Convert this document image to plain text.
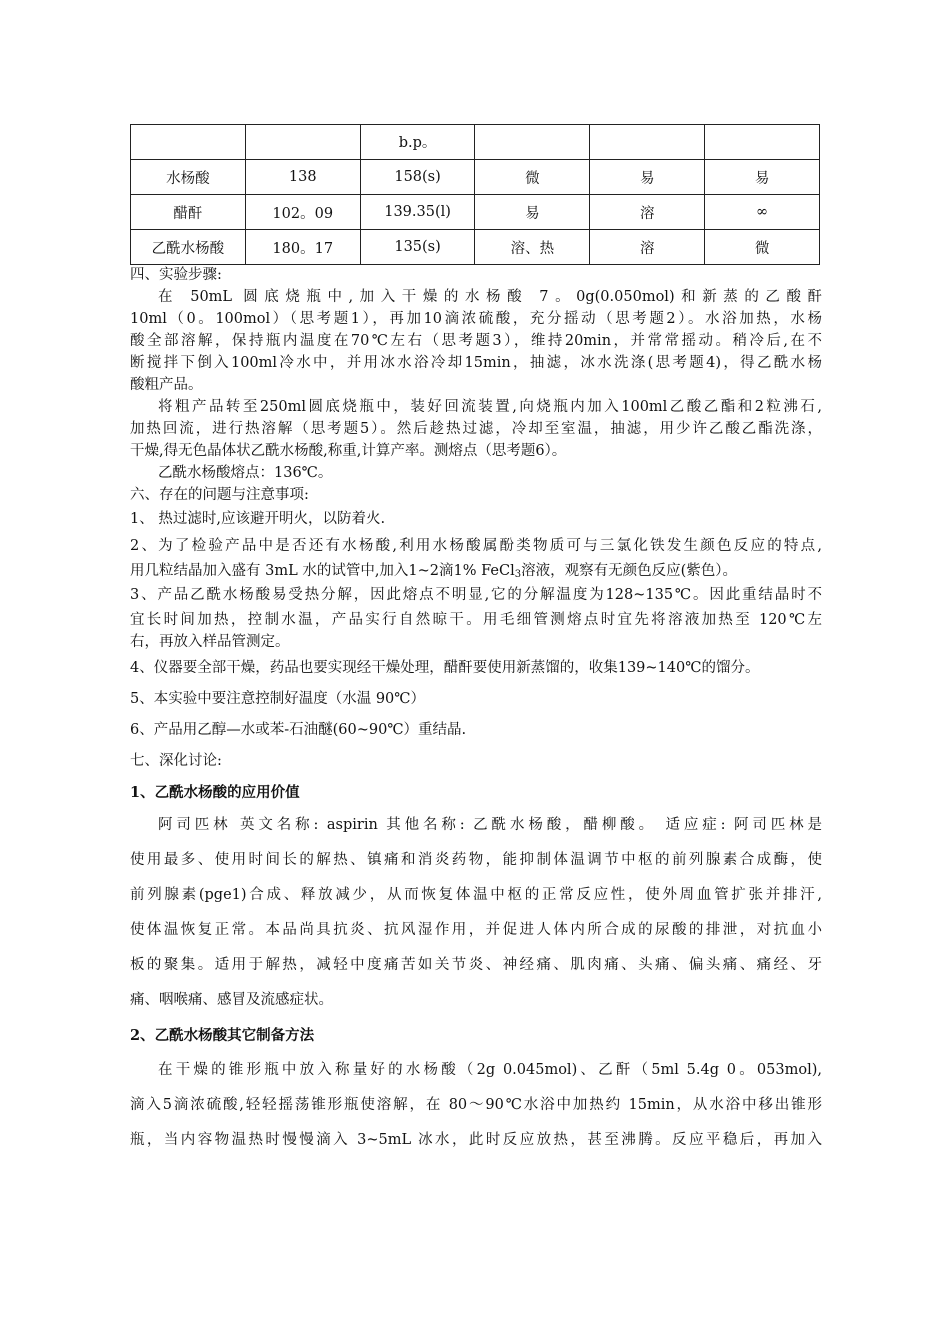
		b.p。			
水杨酸	138	158(s)	微	易	易
醋酐	102。09	139.35(l)	易	溶	∞
乙酰水杨酸	180。17	135(s)	溶、热	溶	微
四、实验步骤:
在 50mL 圆底烧瓶中,加入干燥的水杨酸 7。0g(0.050mol)和新蒸的乙酸酐
10ml（0。100mol）（思考题1），再加10滴浓硫酸，充分摇动（思考题2）。水浴加热，水杨
酸全部溶解，保持瓶内温度在70℃左右（思考题3），维持20min，并常常摇动。稍冷后,在不
断搅拌下倒入100ml冷水中，并用冰水浴冷却15min，抽滤，冰水洗涤(思考题4)，得乙酰水杨
酸粗产品。
将粗产品转至250ml圆底烧瓶中，装好回流装置,向烧瓶内加入100ml乙酸乙酯和2粒沸石,
加热回流，进行热溶解（思考题5）。然后趁热过滤，冷却至室温，抽滤，用少许乙酸乙酯洗涤，
干燥,得无色晶体状乙酰水杨酸,称重,计算产率。测熔点（思考题6）。
乙酰水杨酸熔点：136℃。
六、存在的问题与注意事项:
1、 热过滤时,应该避开明火，以防着火.
2、为了检验产品中是否还有水杨酸,利用水杨酸属酚类物质可与三氯化铁发生颜色反应的特点,
用几粒结晶加入盛有 3mL 水的试管中,加入1~2滴1% FeCl$_3$溶液，观察有无颜色反应(紫色）。
3、产品乙酰水杨酸易受热分解，因此熔点不明显,它的分解温度为128~135℃。因此重结晶时不
宜长时间加热，控制水温，产品实行自然晾干。用毛细管测熔点时宜先将溶液加热至 120℃左
右，再放入样品管测定。
4、仪器要全部干燥，药品也要实现经干燥处理，醋酐要使用新蒸馏的，收集139~140℃的馏分。
5、本实验中要注意控制好温度（水温 90℃）
6、产品用乙醇—水或苯-石油醚(60~90℃）重结晶.
七、深化讨论:
1、乙酰水杨酸的应用价值
阿司匹林 英文名称: aspirin 其他名称: 乙酰水杨酸，醋柳酸。 适应症: 阿司匹林是
使用最多、使用时间长的解热、镇痛和消炎药物，能抑制体温调节中枢的前列腺素合成酶，使
前列腺素(pge1)合成、释放减少，从而恢复体温中枢的正常反应性，使外周血管扩张并排汗,
使体温恢复正常。本品尚具抗炎、抗风湿作用，并促进人体内所合成的尿酸的排泄，对抗血小
板的聚集。适用于解热，减轻中度痛苦如关节炎、神经痛、肌肉痛、头痛、偏头痛、痛经、牙
痛、咽喉痛、感冒及流感症状。
2、乙酰水杨酸其它制备方法
在干燥的锥形瓶中放入称量好的水杨酸（2g 0.045mol)、乙酐（5ml 5.4g 0。053mol),
滴入5滴浓硫酸,轻轻摇荡锥形瓶使溶解，在 80～90℃水浴中加热约 15min，从水浴中移出锥形
瓶，当内容物温热时慢慢滴入 3~5mL 冰水，此时反应放热，甚至沸腾。反应平稳后，再加入
